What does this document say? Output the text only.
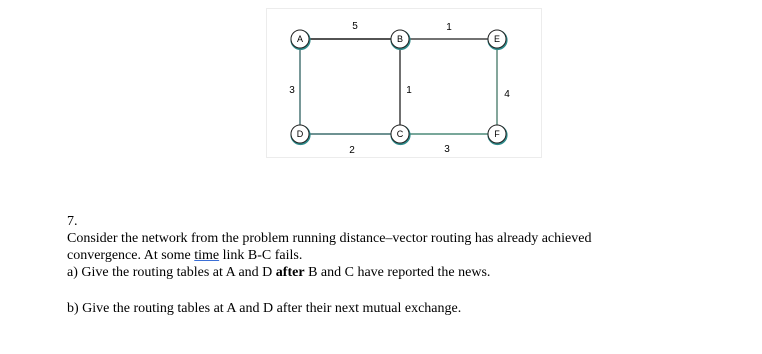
5	1
3	1	4
2	3
A	B	E
D	C	F

7.

Consider the network from the problem running distance–vector routing has already achieved

convergence. At some time link B-C fails.

a) Give the routing tables at A and D after B and C have reported the news.

b) Give the routing tables at A and D after their next mutual exchange.
